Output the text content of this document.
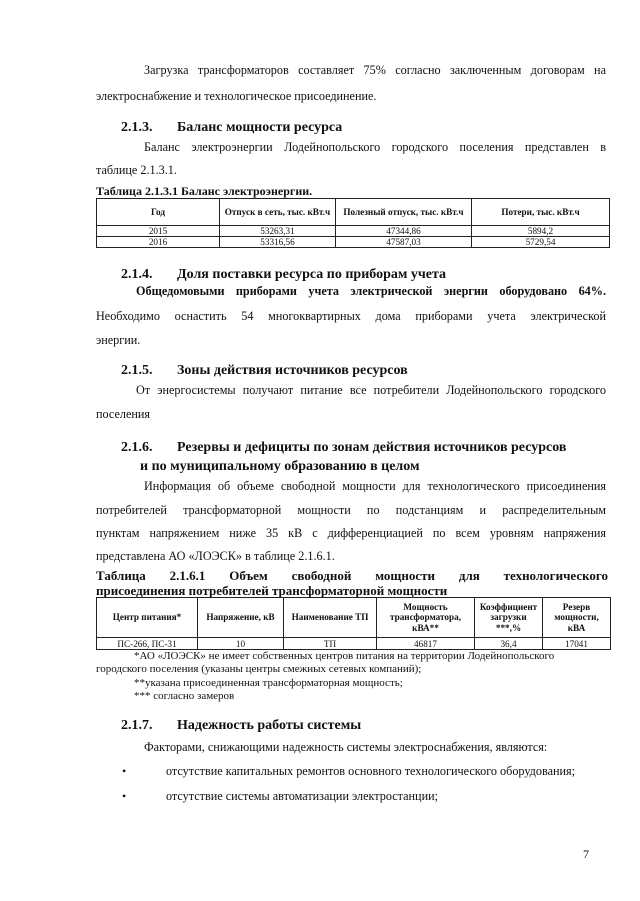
Загрузка трансформаторов составляет 75% согласно заключенным договорам на
электроснабжение и технологическое присоединение.
2.1.3. Баланс мощности ресурса
Баланс электроэнергии Лодейнопольского городского поселения представлен в
таблице 2.1.3.1.
Таблица 2.1.3.1 Баланс электроэнергии.
Год	Отпуск в сеть, тыс. кВт.ч	Полезный отпуск, тыс. кВт.ч	Потери, тыс. кВт.ч
2015	53263,31	47344,86	5894,2
2016	53316,56	47587,03	5729,54
2.1.4. Доля поставки ресурса по приборам учета
Общедомовыми приборами учета электрической энергии оборудовано 64%.
Необходимо оснастить 54 многоквартирных дома приборами учета электрической
энергии.
2.1.5. Зоны действия источников ресурсов
От энергосистемы получают питание все потребители Лодейнопольского городского
поселения
2.1.6. Резервы и дефициты по зонам действия источников ресурсов
и по муниципальному образованию в целом
Информация об объеме свободной мощности для технологического присоединения
потребителей трансформаторной мощности по подстанциям и распределительным
пунктам напряжением ниже 35 кВ с дифференциацией по всем уровням напряжения
представлена АО «ЛОЭСК» в таблице 2.1.6.1.
Таблица 2.1.6.1 Объем свободной мощности для технологического
присоединения потребителей трансформаторной мощности
Центр питания*	Напряжение, кВ	Наименование ТП	Мощность трансформатора, кВА**	Коэффициент загрузки ***,%	Резерв мощности, кВА
ПС-266, ПС-31	10	ТП	46817	36,4	17041
*АО «ЛОЭСК» не имеет собственных центров питания на территории Лодейнопольского
городского поселения (указаны центры смежных сетевых компаний);
**указана присоединенная трансформаторная мощность;
*** согласно замеров
2.1.7. Надежность работы системы
Факторами, снижающими надежность системы электроснабжения, являются:
•	отсутствие капитальных ремонтов основного технологического оборудования;
•	отсутствие системы автоматизации электростанции;
7
